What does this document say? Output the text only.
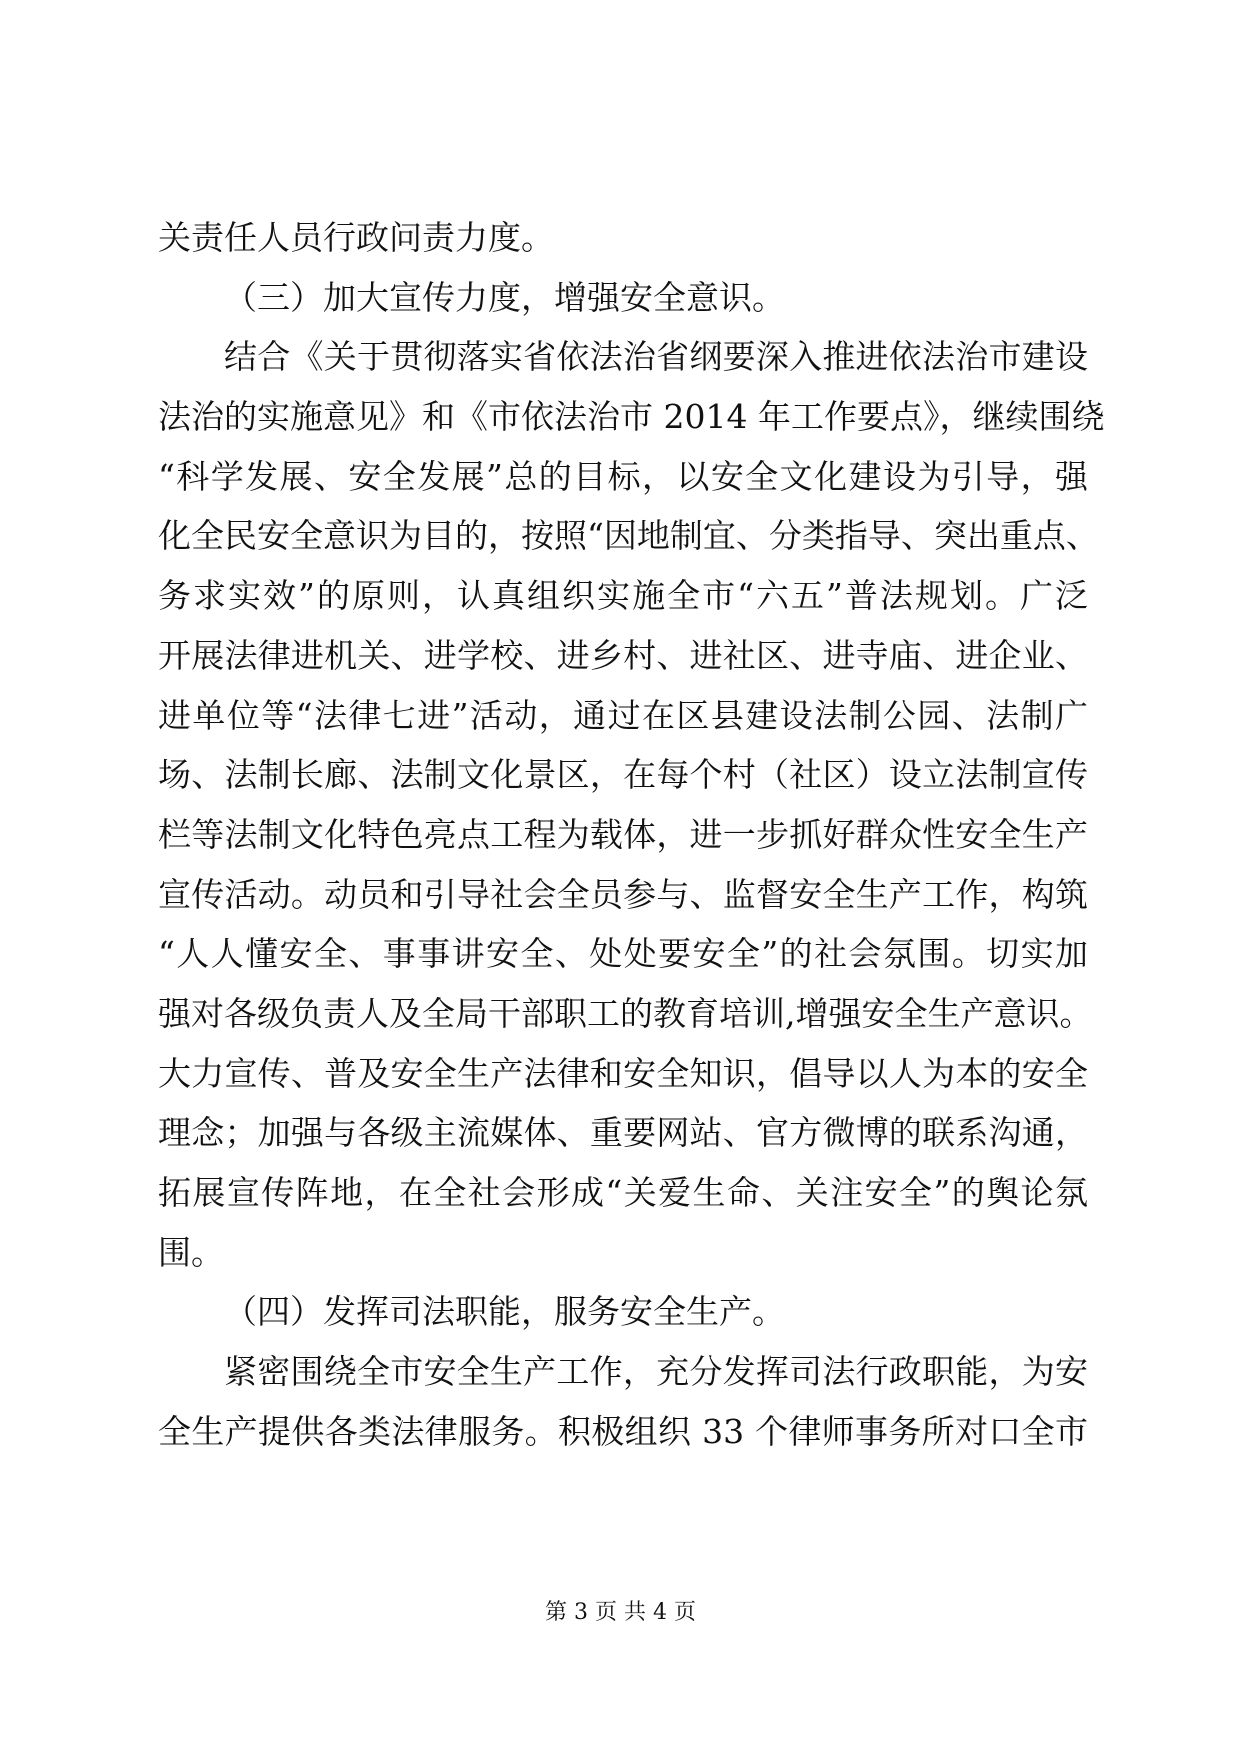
关责任人员行政问责力度。
（三）加大宣传力度，增强安全意识。
结合《关于贯彻落实省依法治省纲要深入推进依法治市建设
法治的实施意见》和《市依法治市 2014 年工作要点》，继续围绕
“科学发展、安全发展”总的目标，以安全文化建设为引导，强
化全民安全意识为目的，按照“因地制宜、分类指导、突出重点、
务求实效”的原则，认真组织实施全市“六五”普法规划。广泛
开展法律进机关、进学校、进乡村、进社区、进寺庙、进企业、
进单位等“法律七进”活动，通过在区县建设法制公园、法制广
场、法制长廊、法制文化景区，在每个村（社区）设立法制宣传
栏等法制文化特色亮点工程为载体，进一步抓好群众性安全生产
宣传活动。动员和引导社会全员参与、监督安全生产工作，构筑
“人人懂安全、事事讲安全、处处要安全”的社会氛围。切实加
强对各级负责人及全局干部职工的教育培训,增强安全生产意识。
大力宣传、普及安全生产法律和安全知识，倡导以人为本的安全
理念；加强与各级主流媒体、重要网站、官方微博的联系沟通，
拓展宣传阵地，在全社会形成“关爱生命、关注安全”的舆论氛
围。
（四）发挥司法职能，服务安全生产。
紧密围绕全市安全生产工作，充分发挥司法行政职能，为安
全生产提供各类法律服务。积极组织 33 个律师事务所对口全市
第 3 页 共 4 页
